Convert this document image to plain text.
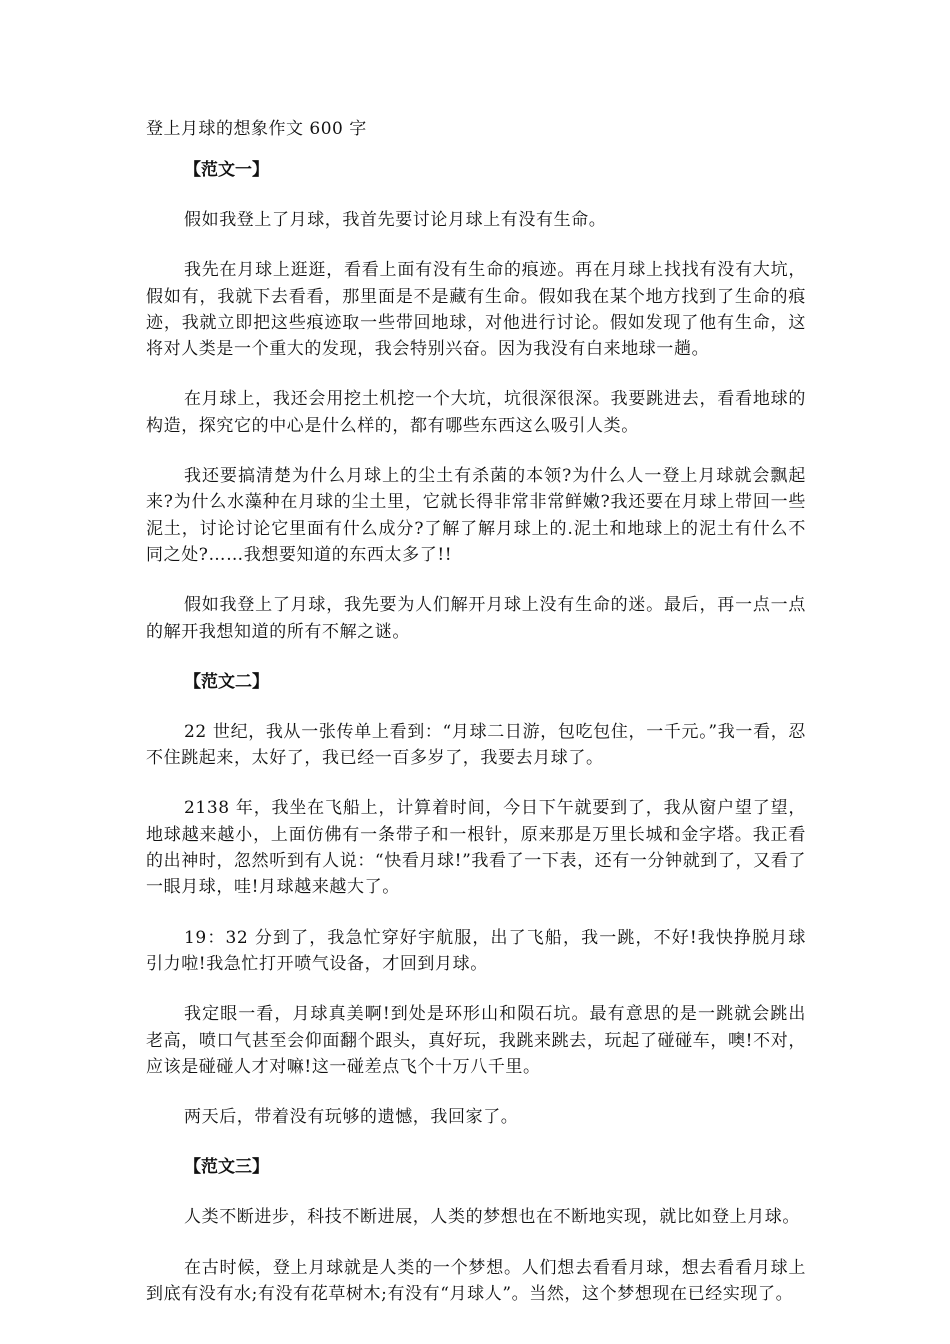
登上月球的想象作文 600 字
【范文一】

假如我登上了月球，我首先要讨论月球上有没有生命。

我先在月球上逛逛，看看上面有没有生命的痕迹。再在月球上找找有没有大坑，假如有，我就下去看看，那里面是不是藏有生命。假如我在某个地方找到了生命的痕迹，我就立即把这些痕迹取一些带回地球，对他进行讨论。假如发现了他有生命，这将对人类是一个重大的发现，我会特别兴奋。因为我没有白来地球一趟。

在月球上，我还会用挖土机挖一个大坑，坑很深很深。我要跳进去，看看地球的构造，探究它的中心是什么样的，都有哪些东西这么吸引人类。

我还要搞清楚为什么月球上的尘土有杀菌的本领?为什么人一登上月球就会飘起来?为什么水藻种在月球的尘土里，它就长得非常非常鲜嫩?我还要在月球上带回一些泥土，讨论讨论它里面有什么成分?了解了解月球上的.泥土和地球上的泥土有什么不同之处?……我想要知道的东西太多了!!

假如我登上了月球，我先要为人们解开月球上没有生命的迷。最后，再一点一点的解开我想知道的所有不解之谜。

【范文二】

22 世纪，我从一张传单上看到：“月球二日游，包吃包住，一千元。”我一看，忍不住跳起来，太好了，我已经一百多岁了，我要去月球了。

2138 年，我坐在飞船上，计算着时间，今日下午就要到了，我从窗户望了望，地球越来越小，上面仿佛有一条带子和一根针，原来那是万里长城和金字塔。我正看的出神时，忽然听到有人说：“快看月球!”我看了一下表，还有一分钟就到了，又看了一眼月球，哇!月球越来越大了。

19：32 分到了，我急忙穿好宇航服，出了飞船，我一跳，不好!我快挣脱月球引力啦!我急忙打开喷气设备，才回到月球。

我定眼一看，月球真美啊!到处是环形山和陨石坑。最有意思的是一跳就会跳出老高，喷口气甚至会仰面翻个跟头，真好玩，我跳来跳去，玩起了碰碰车，噢!不对，应该是碰碰人才对嘛!这一碰差点飞个十万八千里。

两天后，带着没有玩够的遗憾，我回家了。

【范文三】

人类不断进步，科技不断进展，人类的梦想也在不断地实现，就比如登上月球。

在古时候，登上月球就是人类的一个梦想。人们想去看看月球，想去看看月球上到底有没有水;有没有花草树木;有没有“月球人”。当然，这个梦想现在已经实现了。
